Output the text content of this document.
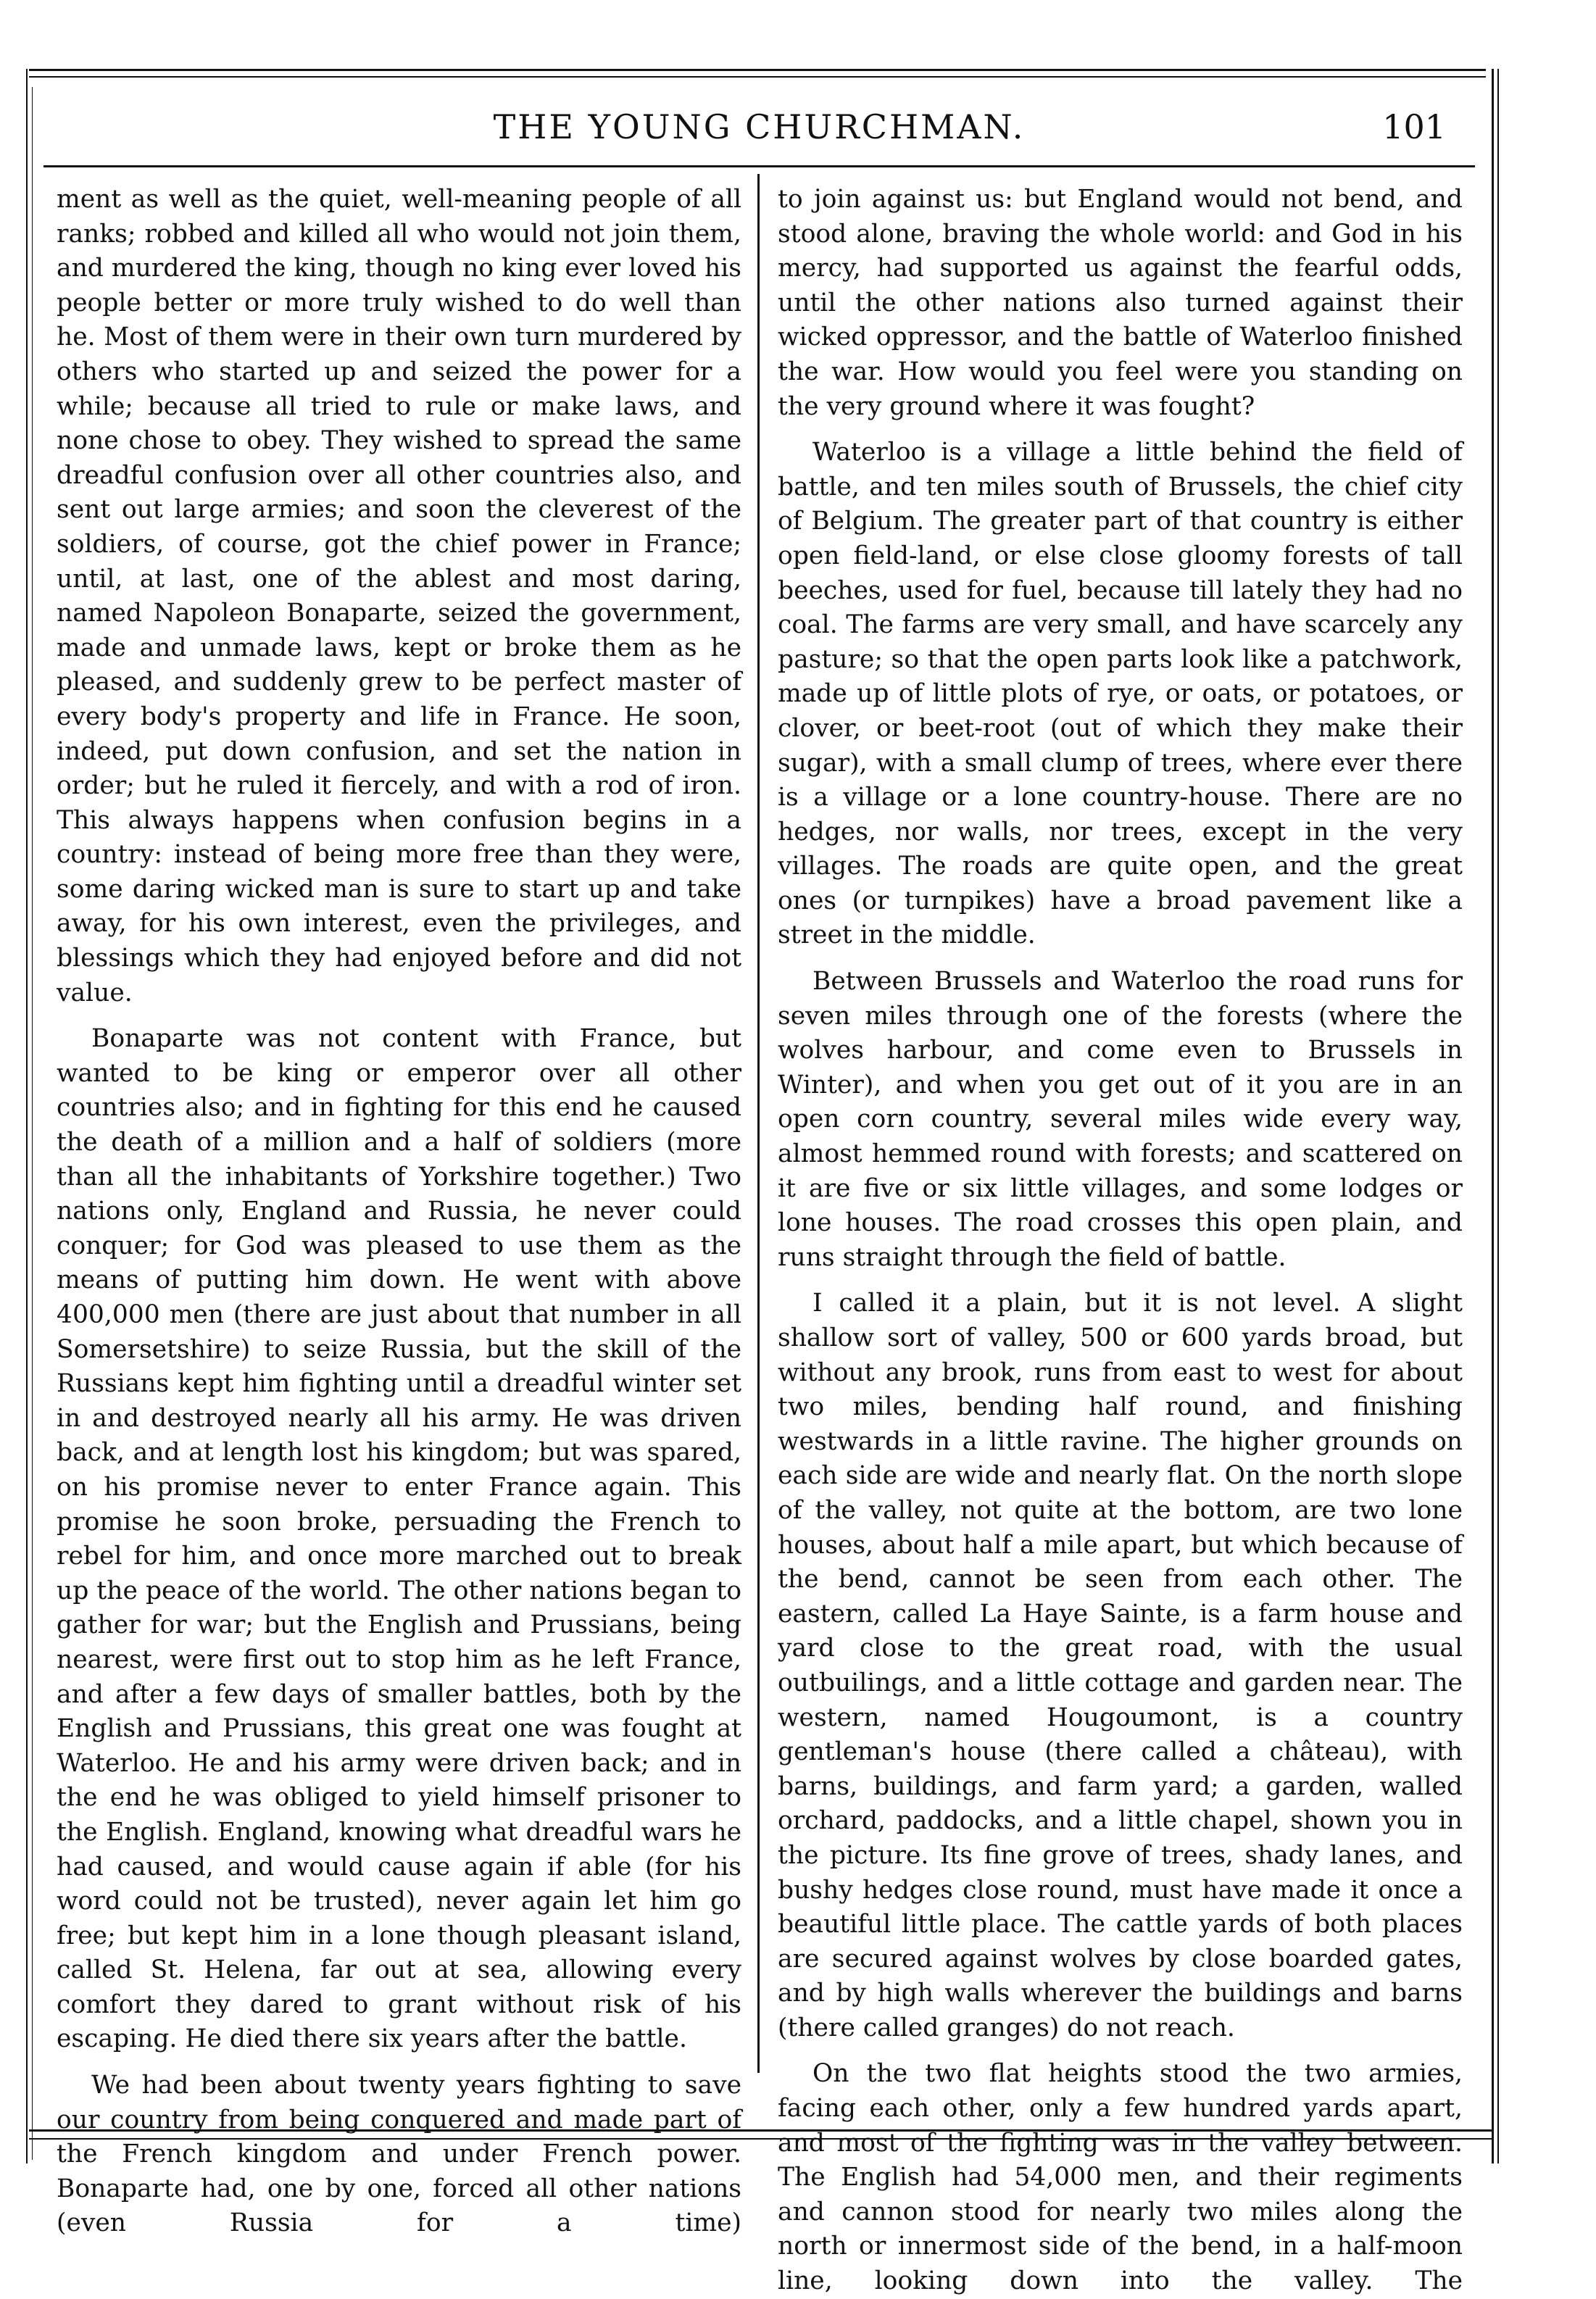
THE YOUNG CHURCHMAN.	101

ment as well as the quiet, well-meaning people of all ranks; robbed and killed all who would not join them, and murdered the king, though no king ever loved his people better or more truly wished to do well than he. Most of them were in their own turn murdered by others who started up and seized the power for a while; because all tried to rule or make laws, and none chose to obey. They wished to spread the same dreadful confusion over all other countries also, and sent out large armies; and soon the cleverest of the soldiers, of course, got the chief power in France; until, at last, one of the ablest and most daring, named Napoleon Bonaparte, seized the government, made and unmade laws, kept or broke them as he pleased, and suddenly grew to be perfect master of every body's property and life in France. He soon, indeed, put down confusion, and set the nation in order; but he ruled it fiercely, and with a rod of iron. This always happens when confusion begins in a country: instead of being more free than they were, some daring wicked man is sure to start up and take away, for his own interest, even the privileges, and blessings which they had enjoyed before and did not value.

Bonaparte was not content with France, but wanted to be king or emperor over all other countries also; and in fighting for this end he caused the death of a million and a half of soldiers (more than all the inhabitants of Yorkshire together.) Two nations only, England and Russia, he never could conquer; for God was pleased to use them as the means of putting him down. He went with above 400,000 men (there are just about that number in all Somersetshire) to seize Russia, but the skill of the Russians kept him fighting until a dreadful winter set in and destroyed nearly all his army. He was driven back, and at length lost his kingdom; but was spared, on his promise never to enter France again. This promise he soon broke, persuading the French to rebel for him, and once more marched out to break up the peace of the world. The other nations began to gather for war; but the English and Prussians, being nearest, were first out to stop him as he left France, and after a few days of smaller battles, both by the English and Prussians, this great one was fought at Waterloo. He and his army were driven back; and in the end he was obliged to yield himself prisoner to the English. England, knowing what dreadful wars he had caused, and would cause again if able (for his word could not be trusted), never again let him go free; but kept him in a lone though pleasant island, called St. Helena, far out at sea, allowing every comfort they dared to grant without risk of his escaping. He died there six years after the battle.

We had been about twenty years fighting to save our country from being conquered and made part of the French kingdom and under French power. Bonaparte had, one by one, forced all other nations (even Russia for a time)

to join against us: but England would not bend, and stood alone, braving the whole world: and God in his mercy, had supported us against the fearful odds, until the other nations also turned against their wicked oppressor, and the battle of Waterloo finished the war. How would you feel were you standing on the very ground where it was fought?

Waterloo is a village a little behind the field of battle, and ten miles south of Brussels, the chief city of Belgium. The greater part of that country is either open field-land, or else close gloomy forests of tall beeches, used for fuel, because till lately they had no coal. The farms are very small, and have scarcely any pasture; so that the open parts look like a patchwork, made up of little plots of rye, or oats, or potatoes, or clover, or beet-root (out of which they make their sugar), with a small clump of trees, where ever there is a village or a lone country-house. There are no hedges, nor walls, nor trees, except in the very villages. The roads are quite open, and the great ones (or turnpikes) have a broad pavement like a street in the middle.

Between Brussels and Waterloo the road runs for seven miles through one of the forests (where the wolves harbour, and come even to Brussels in Winter), and when you get out of it you are in an open corn country, several miles wide every way, almost hemmed round with forests; and scattered on it are five or six little villages, and some lodges or lone houses. The road crosses this open plain, and runs straight through the field of battle.

I called it a plain, but it is not level. A slight shallow sort of valley, 500 or 600 yards broad, but without any brook, runs from east to west for about two miles, bending half round, and finishing westwards in a little ravine. The higher grounds on each side are wide and nearly flat. On the north slope of the valley, not quite at the bottom, are two lone houses, about half a mile apart, but which because of the bend, cannot be seen from each other. The eastern, called La Haye Sainte, is a farm house and yard close to the great road, with the usual outbuilings, and a little cottage and garden near. The western, named Hougoumont, is a country gentleman's house (there called a château), with barns, buildings, and farm yard; a garden, walled orchard, paddocks, and a little chapel, shown you in the picture. Its fine grove of trees, shady lanes, and bushy hedges close round, must have made it once a beautiful little place. The cattle yards of both places are secured against wolves by close boarded gates, and by high walls wherever the buildings and barns (there called granges) do not reach.

On the two flat heights stood the two armies, facing each other, only a few hundred yards apart, and most of the fighting was in the valley between. The English had 54,000 men, and their regiments and cannon stood for nearly two miles along the north or innermost side of the bend, in a half-moon line, looking down into the valley. The
